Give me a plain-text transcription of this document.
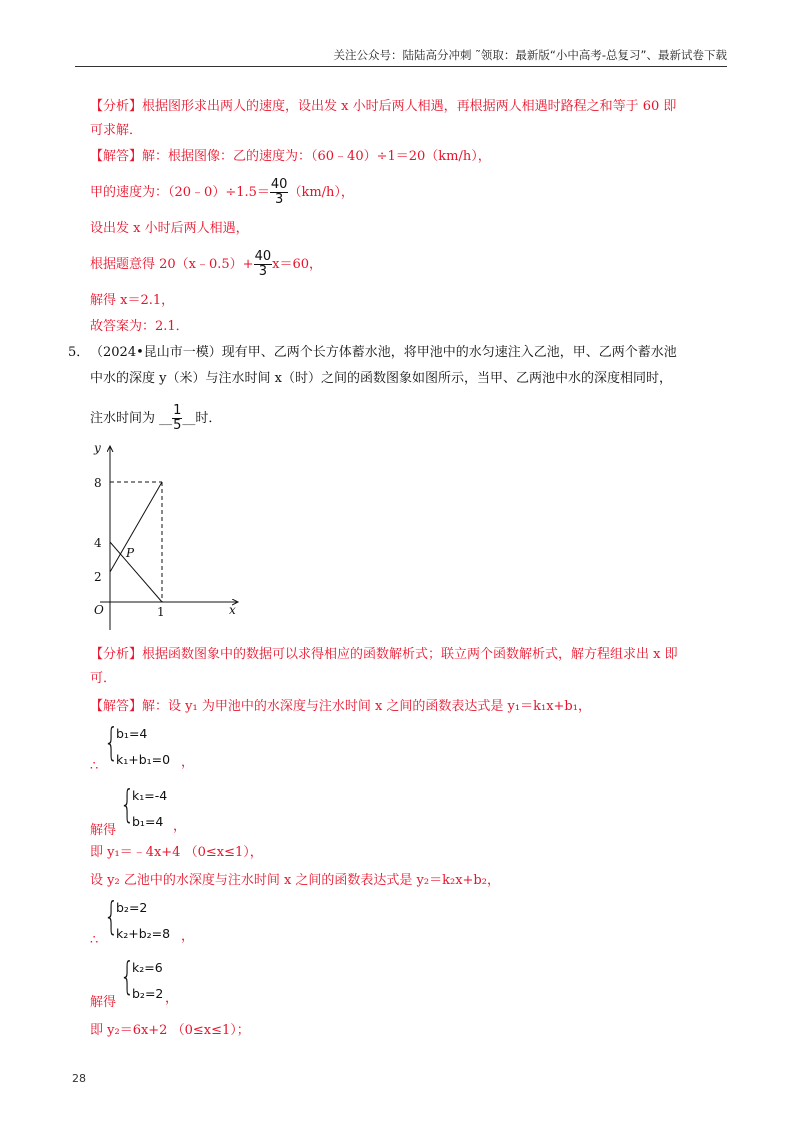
关注公众号：陆陆高分冲刺 ˜领取：最新版“小中高考-总复习”、最新试卷下载
【分析】根据图形求出两人的速度，设出发 x 小时后两人相遇，再根据两人相遇时路程之和等于 60 即
可求解．
【解答】解：根据图像：乙的速度为：（60﹣40）÷1＝20（km/h），
甲的速度为：（20﹣0）÷1.5＝ $\frac{40}{3} (km/h)$，
设出发 x 小时后两人相遇，
根据题意得 20（x﹣0.5）+ $\frac{40}{3} x=60$，
解得 x＝2.1，
故答案为：2.1．
5． （2024•昆山市一模）现有甲、乙两个长方体蓄水池，将甲池中的水匀速注入乙池，甲、乙两个蓄水池
中水的深度 y（米）与注水时间 x（时）之间的函数图象如图所示，当甲、乙两池中水的深度相同时，
注水时间为 __ $\frac{1}{5}$ __时．
y
x
O
8
4
2
1
P
【分析】根据函数图象中的数据可以求得相应的函数解析式；联立两个函数解析式，解方程组求出 x 即
可．
【解答】解：设 y₁ 为甲池中的水深度与注水时间 x 之间的函数表达式是 y₁＝k₁x+b₁，
∴
{
b₁=4
k₁+b₁=0 ，
解得
{
k₁=-4
b₁=4 ，
即 y₁＝﹣4x+4 （0≤x≤1），
设 y₂ 乙池中的水深度与注水时间 x 之间的函数表达式是 y₂＝k₂x+b₂，
∴
{
b₂=2
k₂+b₂=8 ，
解得
{
k₂=6
b₂=2 ，
即 y₂＝6x+2 （0≤x≤1）；
28
